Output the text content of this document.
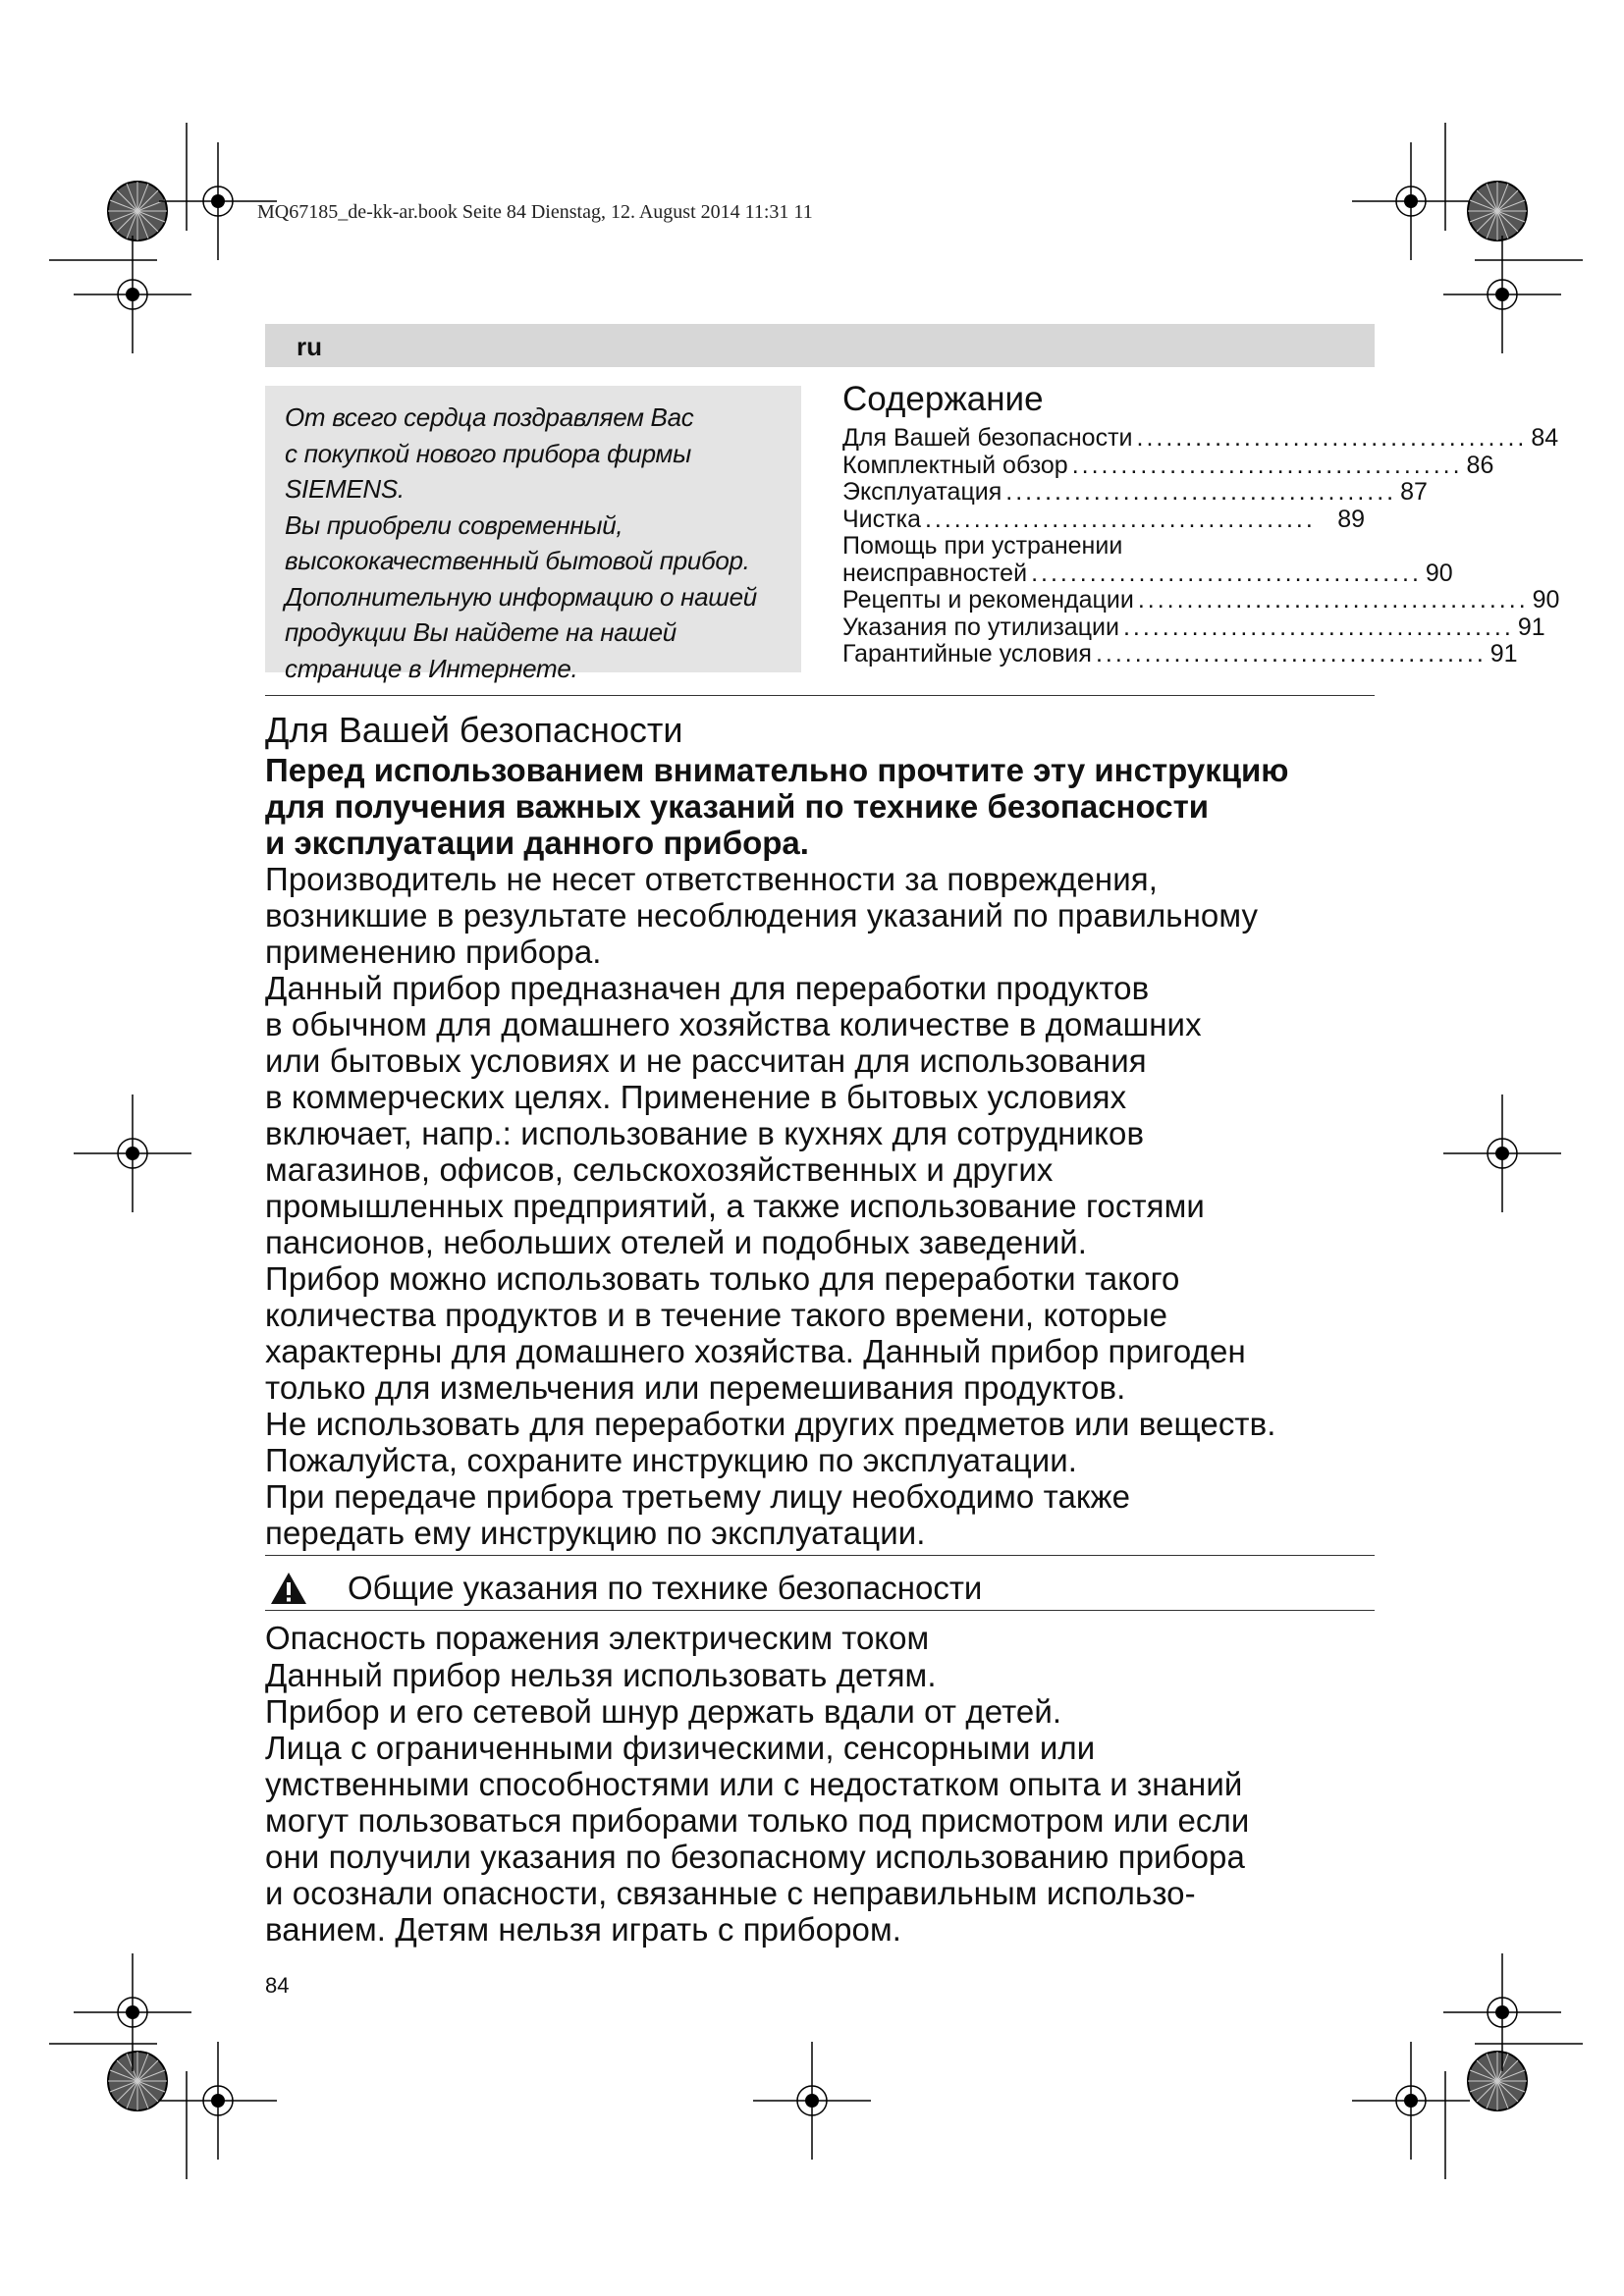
MQ67185_de-kk-ar.book Seite 84 Dienstag, 12. August 2014 11:31 11
ru

От всего сердца поздравляем Вас

с покупкой нового прибора фирмы

SIEMENS.

Вы приобрели современный,

высококачественный бытовой прибор.

Дополнительную информацию о нашей

продукции Вы найдете на нашей

странице в Интернете.

Содержание
Для Вашей безопасности ........................................ 84
Комплектный обзор ........................................ 86
Эксплуатация ........................................ 87
Чистка ........................................ 89
Помощь при устранении
неисправностей ........................................ 90
Рецепты и рекомендации ........................................ 90
Указания по утилизации ........................................ 91
Гарантийные условия ........................................ 91
Для Вашей безопасности

Перед использованием внимательно прочтите эту инструкцию

для получения важных указаний по технике безопасности

и эксплуатации данного прибора.

Производитель не несет ответственности за повреждения,

возникшие в результате несоблюдения указаний по правильному

применению прибора.

Данный прибор предназначен для переработки продуктов

в обычном для домашнего хозяйства количестве в домашних

или бытовых условиях и не рассчитан для использования

в коммерческих целях. Применение в бытовых условиях

включает, напр.: использование в кухнях для сотрудников

магазинов, офисов, сельскохозяйственных и других

промышленных предприятий, а также использование гостями

пансионов, небольших отелей и подобных заведений.

Прибор можно использовать только для переработки такого

количества продуктов и в течение такого времени, которые

характерны для домашнего хозяйства. Данный прибор пригоден

только для измельчения или перемешивания продуктов.

Не использовать для переработки других предметов или веществ.

Пожалуйста, сохраните инструкцию по эксплуатации.

При передаче прибора третьему лицу необходимо также

передать ему инструкцию по эксплуатации.

Общие указания по технике безопасности
Опасность поражения электрическим током

Данный прибор нельзя использовать детям.

Прибор и его сетевой шнур держать вдали от детей.

Лица с ограниченными физическими, сенсорными или

умственными способностями или с недостатком опыта и знаний

могут пользоваться приборами только под присмотром или если

они получили указания по безопасному использованию прибора

и осознали опасности, связанные с неправильным использо-

ванием. Детям нельзя играть с прибором.

84
